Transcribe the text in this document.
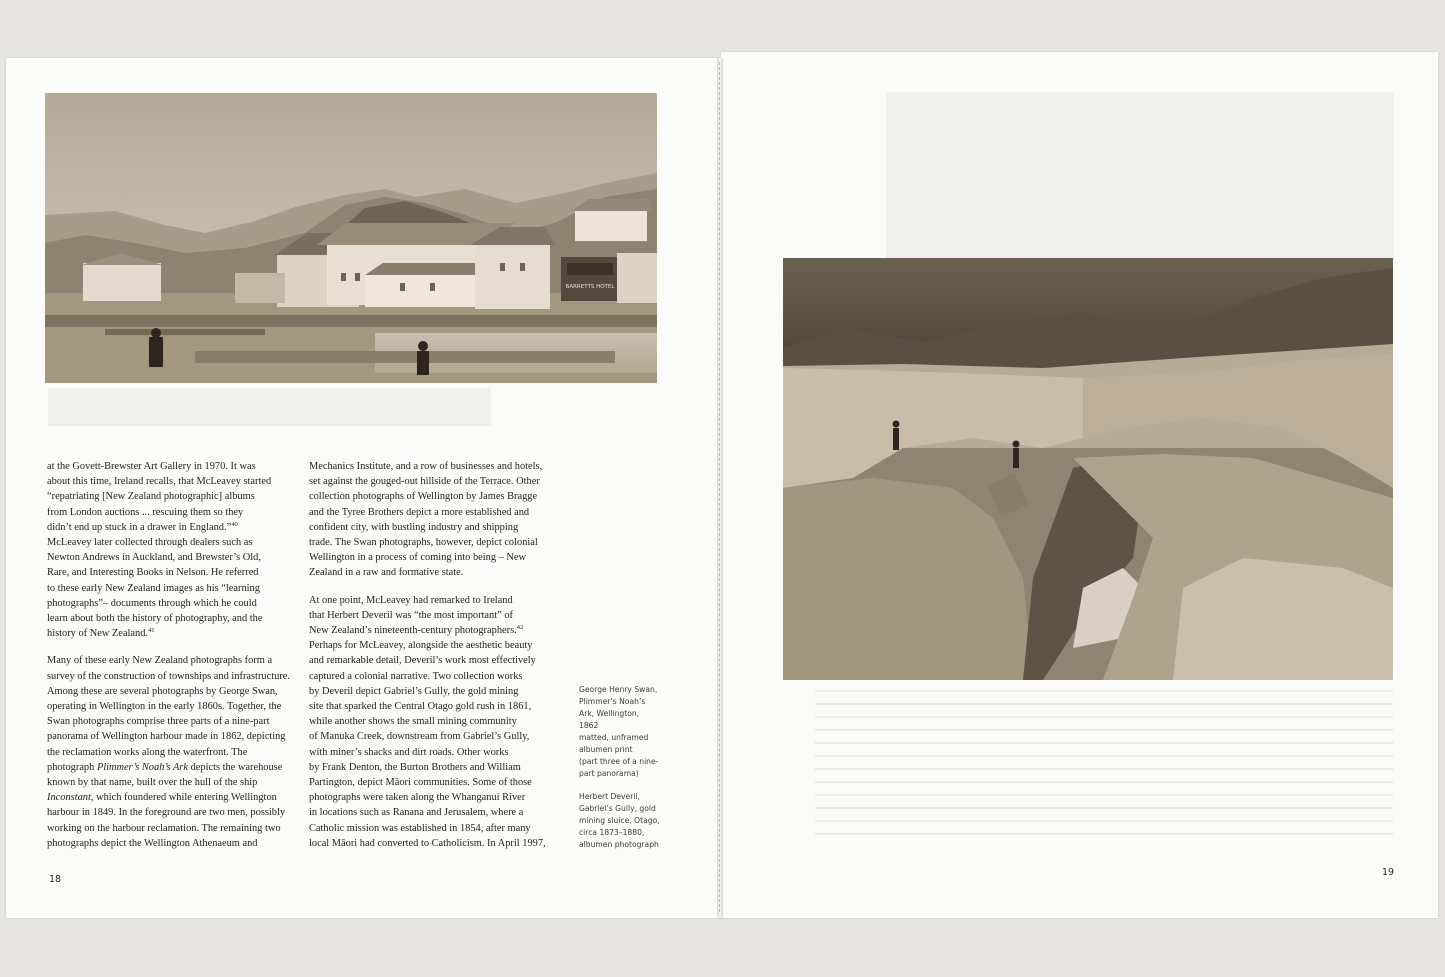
BARRETTS HOTEL

at the Govett-Brewster Art Gallery in 1970. It was
about this time, Ireland recalls, that McLeavey started
“repatriating [New Zealand photographic] albums
from London auctions ... rescuing them so they
didn’t end up stuck in a drawer in England.”$^{40}$
McLeavey later collected through dealers such as
Newton Andrews in Auckland, and Brewster’s Old,
Rare, and Interesting Books in Nelson. He referred
to these early New Zealand images as his “learning
photographs”– documents through which he could
learn about both the history of photography, and the
history of New Zealand.$^{41}$

Many of these early New Zealand photographs form a
survey of the construction of townships and infrastructure.
Among these are several photographs by George Swan,
operating in Wellington in the early 1860s. Together, the
Swan photographs comprise three parts of a nine-part
panorama of Wellington harbour made in 1862, depicting
the reclamation works along the waterfront. The
photograph Plimmer’s Noah’s Ark depicts the warehouse
known by that name, built over the hull of the ship
Inconstant, which foundered while entering Wellington
harbour in 1849. In the foreground are two men, possibly
working on the harbour reclamation. The remaining two
photographs depict the Wellington Athenaeum and

Mechanics Institute, and a row of businesses and hotels,
set against the gouged-out hillside of the Terrace. Other
collection photographs of Wellington by James Bragge
and the Tyree Brothers depict a more established and
confident city, with bustling industry and shipping
trade. The Swan photographs, however, depict colonial
Wellington in a process of coming into being – New
Zealand in a raw and formative state.

At one point, McLeavey had remarked to Ireland
that Herbert Deveril was “the most important” of
New Zealand’s nineteenth-century photographers.$^{42}$
Perhaps for McLeavey, alongside the aesthetic beauty
and remarkable detail, Deveril’s work most effectively
captured a colonial narrative. Two collection works
by Deveril depict Gabriel’s Gully, the gold mining
site that sparked the Central Otago gold rush in 1861,
while another shows the small mining community
of Manuka Creek, downstream from Gabriel’s Gully,
with miner’s shacks and dirt roads. Other works
by Frank Denton, the Burton Brothers and William
Partington, depict Māori communities. Some of those
photographs were taken along the Whanganui River
in locations such as Ranana and Jerusalem, where a
Catholic mission was established in 1854, after many
local Māori had converted to Catholicism. In April 1997,

George Henry Swan,
Plimmer’s Noah’s
Ark, Wellington,
1862
matted, unframed
albumen print
(part three of a nine-
part panorama)
Herbert Deveril,
Gabriel’s Gully, gold
mining sluice, Otago,
circa 1873–1880,
albumen photograph
18
19
